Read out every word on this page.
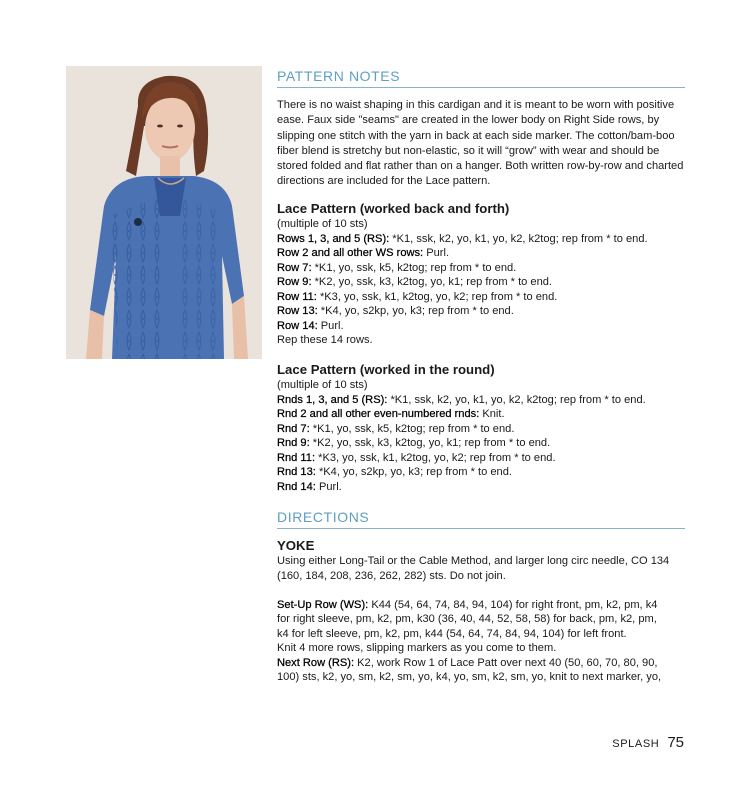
PATTERN NOTES

There is no waist shaping in this cardigan and it is meant to be worn with positive ease. Faux side "seams" are created in the lower body on Right Side rows, by slipping one stitch with the yarn in back at each side marker. The cotton/bam-boo fiber blend is stretchy but non-elastic, so it will “grow” with wear and should be stored folded and flat rather than on a hanger. Both written row-by-row and charted directions are included for the Lace pattern.

Lace Pattern (worked back and forth)

(multiple of 10 sts)
Rows 1, 3, and 5 (RS): *K1, ssk, k2, yo, k1, yo, k2, k2tog; rep from * to end.
Row 2 and all other WS rows: Purl.
Row 7: *K1, yo, ssk, k5, k2tog; rep from * to end.
Row 9: *K2, yo, ssk, k3, k2tog, yo, k1; rep from * to end.
Row 11: *K3, yo, ssk, k1, k2tog, yo, k2; rep from * to end.
Row 13: *K4, yo, s2kp, yo, k3; rep from * to end.
Row 14: Purl.
Rep these 14 rows.

Lace Pattern (worked in the round)

(multiple of 10 sts)
Rnds 1, 3, and 5 (RS): *K1, ssk, k2, yo, k1, yo, k2, k2tog; rep from * to end.
Rnd 2 and all other even-numbered rnds: Knit.
Rnd 7: *K1, yo, ssk, k5, k2tog; rep from * to end.
Rnd 9: *K2, yo, ssk, k3, k2tog, yo, k1; rep from * to end.
Rnd 11: *K3, yo, ssk, k1, k2tog, yo, k2; rep from * to end.
Rnd 13: *K4, yo, s2kp, yo, k3; rep from * to end.
Rnd 14: Purl.
DIRECTIONS

YOKE

Using either Long-Tail or the Cable Method, and larger long circ needle, CO 134
(160, 184, 208, 236, 262, 282) sts. Do not join.
Set-Up Row (WS): K44 (54, 64, 74, 84, 94, 104) for right front, pm, k2, pm, k4
for right sleeve, pm, k2, pm, k30 (36, 40, 44, 52, 58, 58) for back, pm, k2, pm,
k4 for left sleeve, pm, k2, pm, k44 (54, 64, 74, 84, 94, 104) for left front.
Knit 4 more rows, slipping markers as you come to them.
Next Row (RS): K2, work Row 1 of Lace Patt over next 40 (50, 60, 70, 80, 90,
100) sts, k2, yo, sm, k2, sm, yo, k4, yo, sm, k2, sm, yo, knit to next marker, yo,
SPLASH 75
